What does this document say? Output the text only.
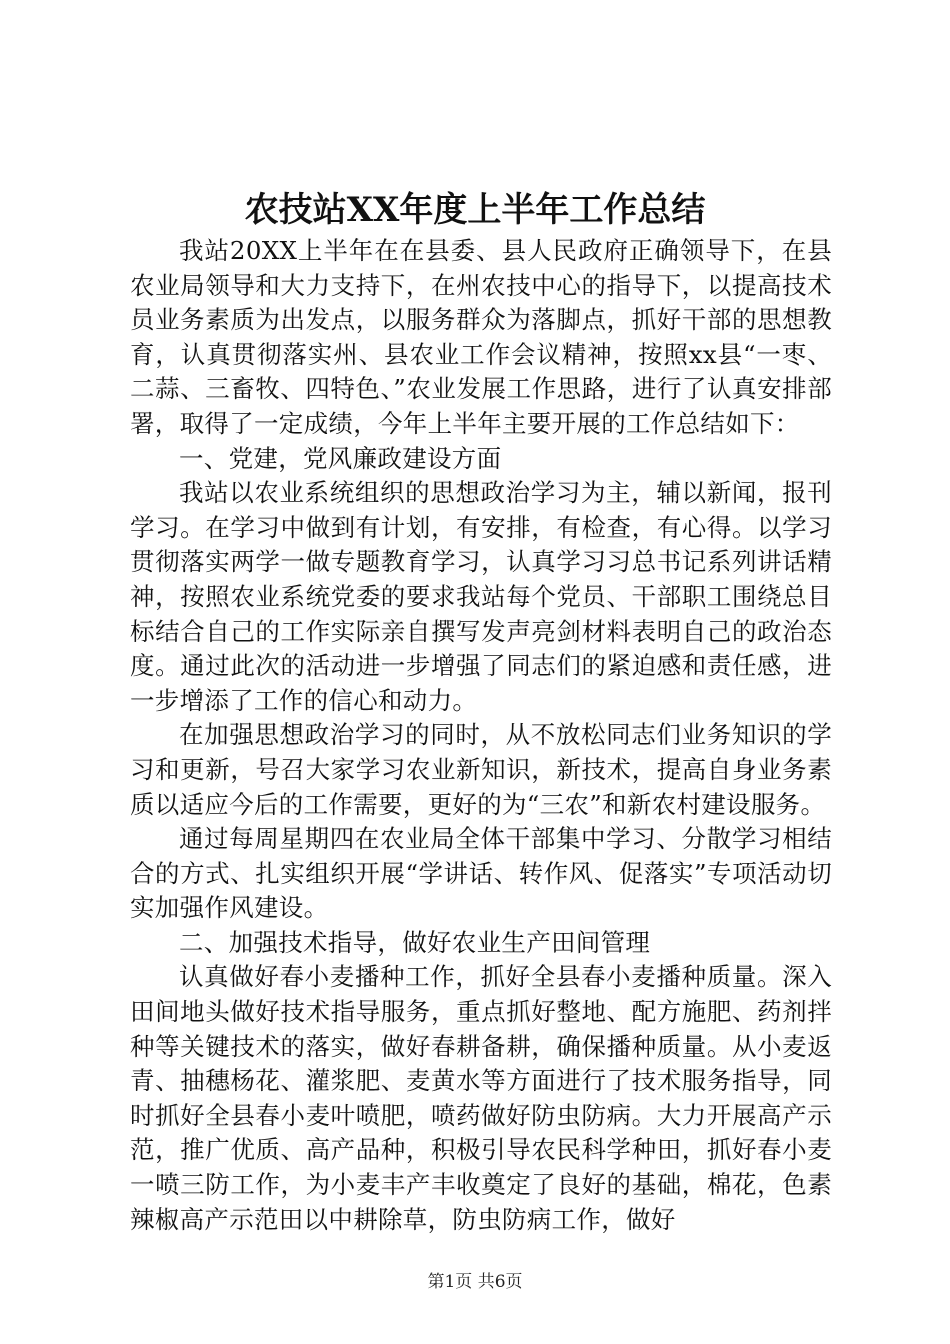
农技站XX年度上半年工作总结

我站20XX上半年在在县委、县人民政府正确领导下，在县农业局领导和大力支持下，在州农技中心的指导下，以提高技术员业务素质为出发点，以服务群众为落脚点，抓好干部的思想教育，认真贯彻落实州、县农业工作会议精神，按照xx县“一枣、二蒜、三畜牧、四特色、”农业发展工作思路，进行了认真安排部署，取得了一定成绩，今年上半年主要开展的工作总结如下：

一、党建，党风廉政建设方面

我站以农业系统组织的思想政治学习为主，辅以新闻，报刊学习。在学习中做到有计划，有安排，有检查，有心得。以学习贯彻落实两学一做专题教育学习，认真学习习总书记系列讲话精神，按照农业系统党委的要求我站每个党员、干部职工围绕总目标结合自己的工作实际亲自撰写发声亮剑材料表明自己的政治态度。通过此次的活动进一步增强了同志们的紧迫感和责任感，进一步增添了工作的信心和动力。

在加强思想政治学习的同时，从不放松同志们业务知识的学习和更新，号召大家学习农业新知识，新技术，提高自身业务素质以适应今后的工作需要，更好的为“三农”和新农村建设服务。

通过每周星期四在农业局全体干部集中学习、分散学习相结合的方式、扎实组织开展“学讲话、转作风、促落实”专项活动切实加强作风建设。

二、加强技术指导，做好农业生产田间管理

认真做好春小麦播种工作，抓好全县春小麦播种质量。深入田间地头做好技术指导服务，重点抓好整地、配方施肥、药剂拌种等关键技术的落实，做好春耕备耕，确保播种质量。从小麦返青、抽穗杨花、灌浆肥、麦黄水等方面进行了技术服务指导，同时抓好全县春小麦叶喷肥，喷药做好防虫防病。大力开展高产示范，推广优质、高产品种，积极引导农民科学种田，抓好春小麦一喷三防工作，为小麦丰产丰收奠定了良好的基础，棉花，色素辣椒高产示范田以中耕除草，防虫防病工作，做好

第1页 共6页
